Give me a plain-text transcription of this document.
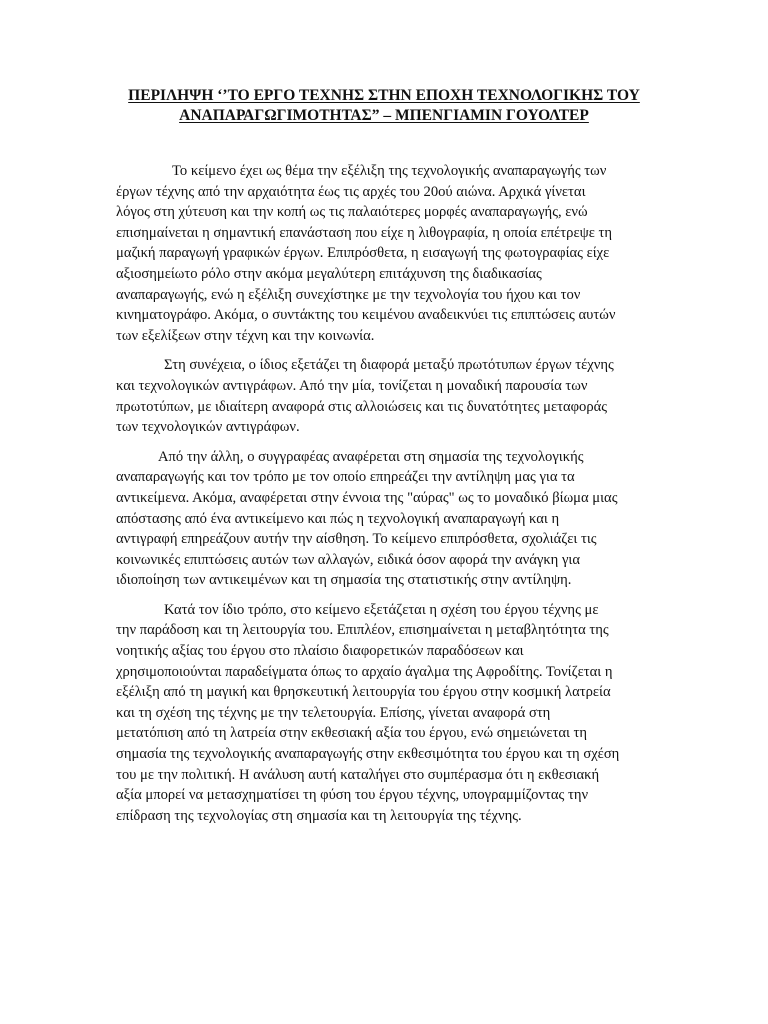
ΠΕΡΙΛΗΨΗ ‘’ΤΟ ΕΡΓΟ ΤΕΧΝΗΣ ΣΤΗΝ ΕΠΟΧΗ ΤΕΧΝΟΛΟΓΙΚΗΣ ΤΟΥ
ΑΝΑΠΑΡΑΓΩΓΙΜΟΤΗΤΑΣ” – ΜΠΕΝΓΙΑΜΙΝ ΓΟΥΟΛΤΕΡ
Το κείμενο έχει ως θέμα την εξέλιξη της τεχνολογικής αναπαραγωγής των
έργων τέχνης από την αρχαιότητα έως τις αρχές του 20ού αιώνα. Αρχικά γίνεται
λόγος στη χύτευση και την κοπή ως τις παλαιότερες μορφές αναπαραγωγής, ενώ
επισημαίνεται η σημαντική επανάσταση που είχε η λιθογραφία, η οποία επέτρεψε τη
μαζική παραγωγή γραφικών έργων. Επιπρόσθετα, η εισαγωγή της φωτογραφίας είχε
αξιοσημείωτο ρόλο στην ακόμα μεγαλύτερη επιτάχυνση της διαδικασίας
αναπαραγωγής, ενώ η εξέλιξη συνεχίστηκε με την τεχνολογία του ήχου και τον
κινηματογράφο. Ακόμα, ο συντάκτης του κειμένου αναδεικνύει τις επιπτώσεις αυτών
των εξελίξεων στην τέχνη και την κοινωνία.
Στη συνέχεια, ο ίδιος εξετάζει τη διαφορά μεταξύ πρωτότυπων έργων τέχνης
και τεχνολογικών αντιγράφων. Από την μία, τονίζεται η μοναδική παρουσία των
πρωτοτύπων, με ιδιαίτερη αναφορά στις αλλοιώσεις και τις δυνατότητες μεταφοράς
των τεχνολογικών αντιγράφων.
Από την άλλη, ο συγγραφέας αναφέρεται στη σημασία της τεχνολογικής
αναπαραγωγής και τον τρόπο με τον οποίο επηρεάζει την αντίληψη μας για τα
αντικείμενα. Ακόμα, αναφέρεται στην έννοια της "αύρας" ως το μοναδικό βίωμα μιας
απόστασης από ένα αντικείμενο και πώς η τεχνολογική αναπαραγωγή και η
αντιγραφή επηρεάζουν αυτήν την αίσθηση. Το κείμενο επιπρόσθετα, σχολιάζει τις
κοινωνικές επιπτώσεις αυτών των αλλαγών, ειδικά όσον αφορά την ανάγκη για
ιδιοποίηση των αντικειμένων και τη σημασία της στατιστικής στην αντίληψη.
Κατά τον ίδιο τρόπο, στο κείμενο εξετάζεται η σχέση του έργου τέχνης με
την παράδοση και τη λειτουργία του. Επιπλέον, επισημαίνεται η μεταβλητότητα της
νοητικής αξίας του έργου στο πλαίσιο διαφορετικών παραδόσεων και
χρησιμοποιούνται παραδείγματα όπως το αρχαίο άγαλμα της Αφροδίτης. Τονίζεται η
εξέλιξη από τη μαγική και θρησκευτική λειτουργία του έργου στην κοσμική λατρεία
και τη σχέση της τέχνης με την τελετουργία. Επίσης, γίνεται αναφορά στη
μετατόπιση από τη λατρεία στην εκθεσιακή αξία του έργου, ενώ σημειώνεται τη
σημασία της τεχνολογικής αναπαραγωγής στην εκθεσιμότητα του έργου και τη σχέση
του με την πολιτική. Η ανάλυση αυτή καταλήγει στο συμπέρασμα ότι η εκθεσιακή
αξία μπορεί να μετασχηματίσει τη φύση του έργου τέχνης, υπογραμμίζοντας την
επίδραση της τεχνολογίας στη σημασία και τη λειτουργία της τέχνης.
